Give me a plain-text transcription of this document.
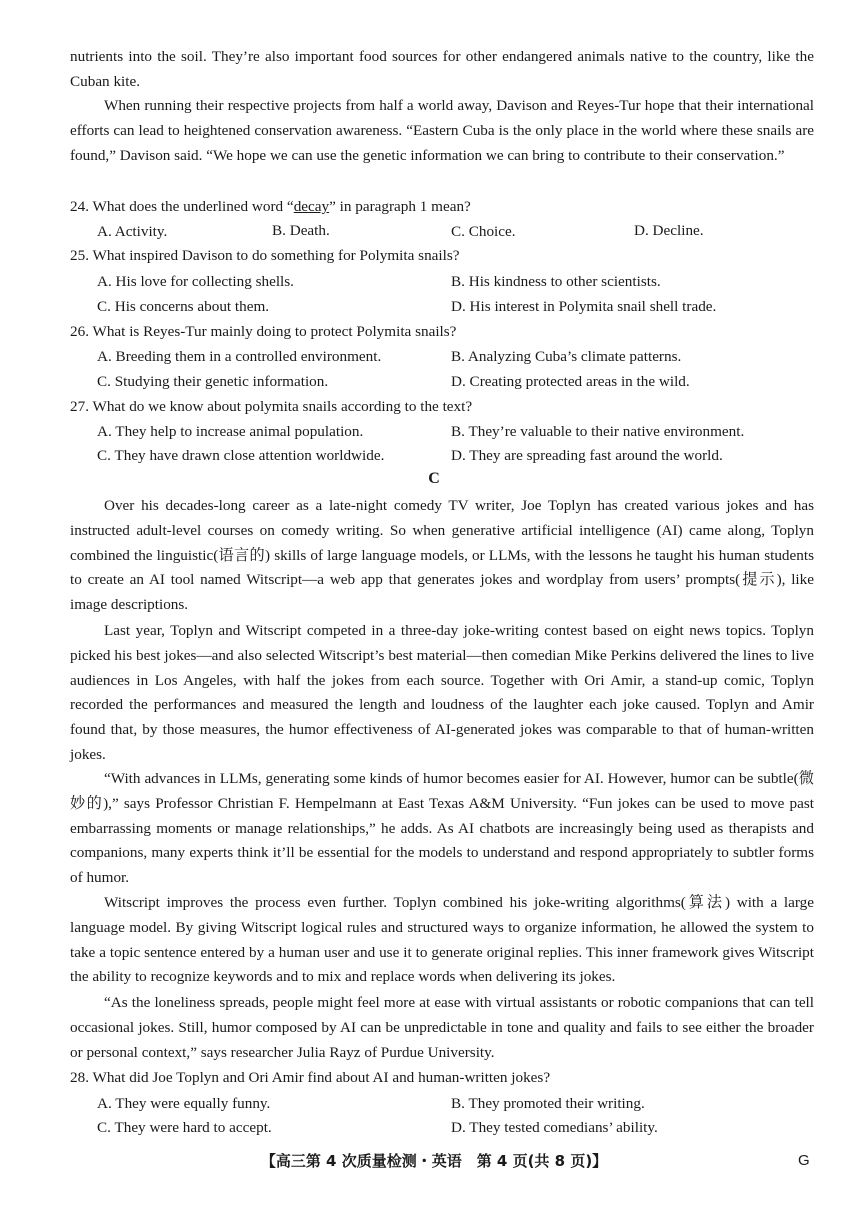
nutrients into the soil. They’re also important food sources for other endangered animals native to the country, like the Cuban kite.

When running their respective projects from half a world away, Davison and Reyes-Tur hope that their international efforts can lead to heightened conservation awareness. “Eastern Cuba is the only place in the world where these snails are found,” Davison said. “We hope we can use the genetic information we can bring to contribute to their conservation.”

24. What does the underlined word “decay” in paragraph 1 mean?

A. Activity.	B. Death.	C. Choice.	D. Decline.

25. What inspired Davison to do something for Polymita snails?

A. His love for collecting shells.	B. His kindness to other scientists.
C. His concerns about them.	D. His interest in Polymita snail shell trade.

26. What is Reyes-Tur mainly doing to protect Polymita snails?

A. Breeding them in a controlled environment.	B. Analyzing Cuba’s climate patterns.
C. Studying their genetic information.	D. Creating protected areas in the wild.

27. What do we know about polymita snails according to the text?

A. They help to increase animal population.	B. They’re valuable to their native environment.
C. They have drawn close attention worldwide.	D. They are spreading fast around the world.
C

Over his decades-long career as a late-night comedy TV writer, Joe Toplyn has created various jokes and has instructed adult-level courses on comedy writing. So when generative artificial intelligence (AI) came along, Toplyn combined the linguistic(语言的) skills of large language models, or LLMs, with the lessons he taught his human students to create an AI tool named Witscript—a web app that generates jokes and wordplay from users’ prompts(提示), like image descriptions.

Last year, Toplyn and Witscript competed in a three-day joke-writing contest based on eight news topics. Toplyn picked his best jokes—and also selected Witscript’s best material—then comedian Mike Perkins delivered the lines to live audiences in Los Angeles, with half the jokes from each source. Together with Ori Amir, a stand-up comic, Toplyn recorded the performances and measured the length and loudness of the laughter each joke caused. Toplyn and Amir found that, by those measures, the humor effectiveness of AI-generated jokes was comparable to that of human-written jokes.

“With advances in LLMs, generating some kinds of humor becomes easier for AI. However, humor can be subtle(微妙的),” says Professor Christian F. Hempelmann at East Texas A&M University. “Fun jokes can be used to move past embarrassing moments or manage relationships,” he adds. As AI chatbots are increasingly being used as therapists and companions, many experts think it’ll be essential for the models to understand and respond appropriately to subtler forms of humor.

Witscript improves the process even further. Toplyn combined his joke-writing algorithms(算法) with a large language model. By giving Witscript logical rules and structured ways to organize information, he allowed the system to take a topic sentence entered by a human user and use it to generate original replies. This inner framework gives Witscript the ability to recognize keywords and to mix and replace words when delivering its jokes.

“As the loneliness spreads, people might feel more at ease with virtual assistants or robotic companions that can tell occasional jokes. Still, humor composed by AI can be unpredictable in tone and quality and fails to see either the broader or personal context,” says researcher Julia Rayz of Purdue University.

28. What did Joe Toplyn and Ori Amir find about AI and human-written jokes?

A. They were equally funny.	B. They promoted their writing.
C. They were hard to accept.	D. They tested comedians’ ability.
【高三第 4 次质量检测・英语　第 4 页(共 8 页)】	G
